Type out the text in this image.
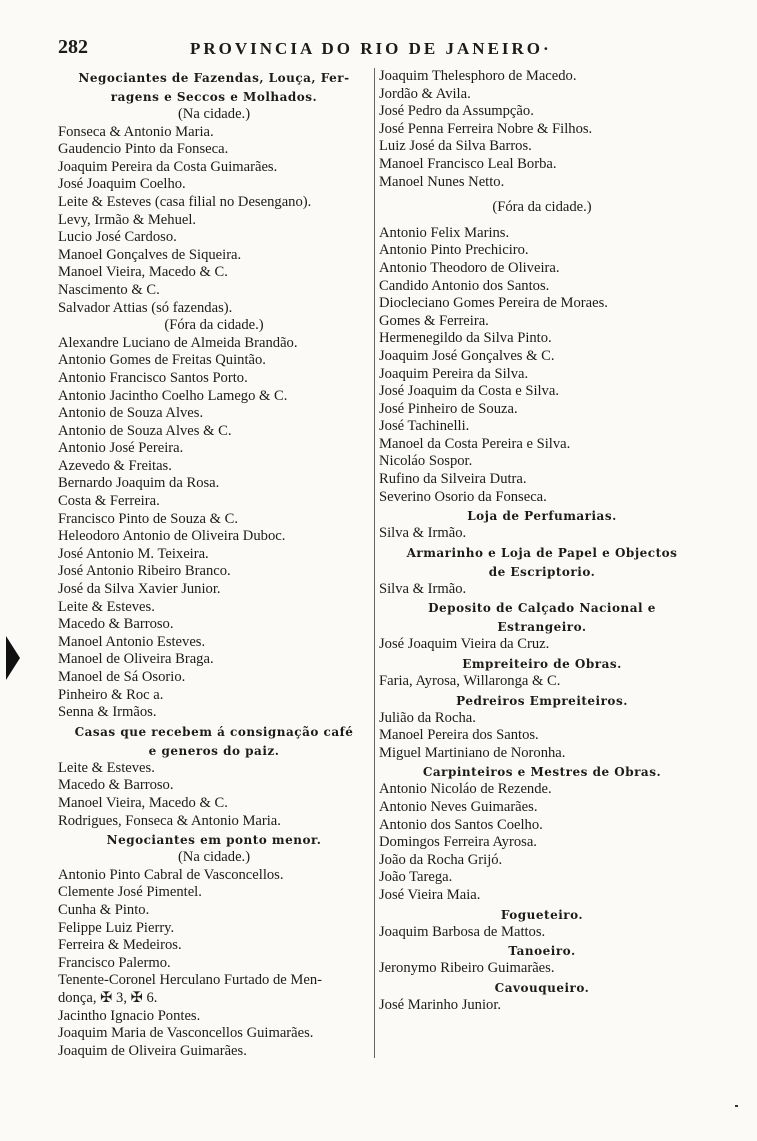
282	PROVINCIA DO RIO DE JANEIRO·
Negociantes de Fazendas, Louça, Fer-
ragens e Seccos e Molhados.
(Na cidade.)
Fonseca & Antonio Maria.
Gaudencio Pinto da Fonseca.
Joaquim Pereira da Costa Guimarães.
José Joaquim Coelho.
Leite & Esteves (casa filial no Desengano).
Levy, Irmão & Mehuel.
Lucio José Cardoso.
Manoel Gonçalves de Siqueira.
Manoel Vieira, Macedo & C.
Nascimento & C.
Salvador Attias (só fazendas).
(Fóra da cidade.)
Alexandre Luciano de Almeida Brandão.
Antonio Gomes de Freitas Quintão.
Antonio Francisco Santos Porto.
Antonio Jacintho Coelho Lamego & C.
Antonio de Souza Alves.
Antonio de Souza Alves & C.
Antonio José Pereira.
Azevedo & Freitas.
Bernardo Joaquim da Rosa.
Costa & Ferreira.
Francisco Pinto de Souza & C.
Heleodoro Antonio de Oliveira Duboc.
José Antonio M. Teixeira.
José Antonio Ribeiro Branco.
José da Silva Xavier Junior.
Leite & Esteves.
Macedo & Barroso.
Manoel Antonio Esteves.
Manoel de Oliveira Braga.
Manoel de Sá Osorio.
Pinheiro & Roc a.
Senna & Irmãos.
Casas que recebem á consignação café
e generos do paiz.
Leite & Esteves.
Macedo & Barroso.
Manoel Vieira, Macedo & C.
Rodrigues, Fonseca & Antonio Maria.
Negociantes em ponto menor.
(Na cidade.)
Antonio Pinto Cabral de Vasconcellos.
Clemente José Pimentel.
Cunha & Pinto.
Felippe Luiz Pierry.
Ferreira & Medeiros.
Francisco Palermo.
Tenente-Coronel Herculano Furtado de Men-
donça, ✠ 3, ✠ 6.
Jacintho Ignacio Pontes.
Joaquim Maria de Vasconcellos Guimarães.
Joaquim de Oliveira Guimarães.
Joaquim Thelesphoro de Macedo.
Jordão & Avila.
José Pedro da Assumpção.
José Penna Ferreira Nobre & Filhos.
Luiz José da Silva Barros.
Manoel Francisco Leal Borba.
Manoel Nunes Netto.
(Fóra da cidade.)
Antonio Felix Marins.
Antonio Pinto Prechiciro.
Antonio Theodoro de Oliveira.
Candido Antonio dos Santos.
Diocleciano Gomes Pereira de Moraes.
Gomes & Ferreira.
Hermenegildo da Silva Pinto.
Joaquim José Gonçalves & C.
Joaquim Pereira da Silva.
José Joaquim da Costa e Silva.
José Pinheiro de Souza.
José Tachinelli.
Manoel da Costa Pereira e Silva.
Nicoláo Sospor.
Rufino da Silveira Dutra.
Severino Osorio da Fonseca.
Loja de Perfumarias.
Silva & Irmão.
Armarinho e Loja de Papel e Objectos
de Escriptorio.
Silva & Irmão.
Deposito de Calçado Nacional e
Estrangeiro.
José Joaquim Vieira da Cruz.
Empreiteiro de Obras.
Faria, Ayrosa, Willaronga & C.
Pedreiros Empreiteiros.
Julião da Rocha.
Manoel Pereira dos Santos.
Miguel Martiniano de Noronha.
Carpinteiros e Mestres de Obras.
Antonio Nicoláo de Rezende.
Antonio Neves Guimarães.
Antonio dos Santos Coelho.
Domingos Ferreira Ayrosa.
João da Rocha Grijó.
João Tarega.
José Vieira Maia.
Fogueteiro.
Joaquim Barbosa de Mattos.
Tanoeiro.
Jeronymo Ribeiro Guimarães.
Cavouqueiro.
José Marinho Junior.
